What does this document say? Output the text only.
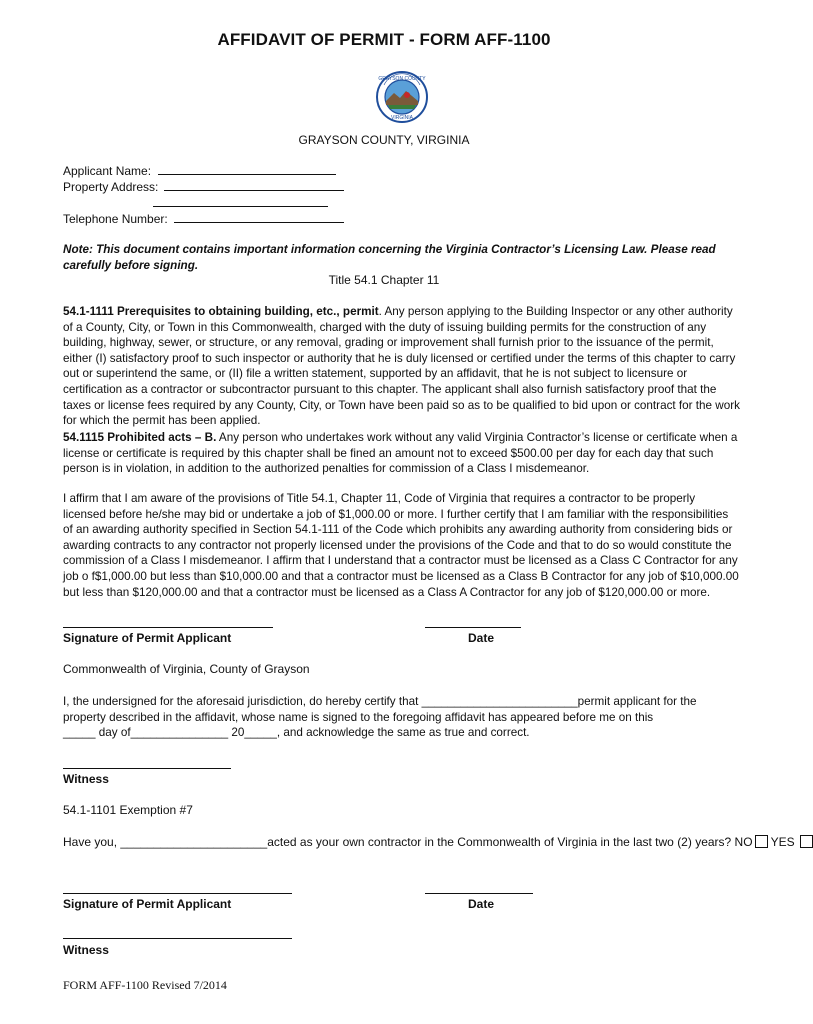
AFFIDAVIT OF PERMIT - FORM AFF-1100
GRAYSON COUNTY
VIRGINIA
GRAYSON COUNTY, VIRGINIA
Applicant Name:
Property Address:
Telephone Number:
Note: This document contains important information concerning the Virginia Contractor’s Licensing Law. Please read carefully before signing.
Title 54.1 Chapter 11
54.1-1111 Prerequisites to obtaining building, etc., permit. Any person applying to the Building Inspector or any other authority of a County, City, or Town in this Commonwealth, charged with the duty of issuing building permits for the construction of any building, highway, sewer, or structure, or any removal, grading or improvement shall furnish prior to the issuance of the permit, either (I) satisfactory proof to such inspector or authority that he is duly licensed or certified under the terms of this chapter to carry out or superintend the same, or (II) file a written statement, supported by an affidavit, that he is not subject to licensure or certification as a contractor or subcontractor pursuant to this chapter. The applicant shall also furnish satisfactory proof that the taxes or license fees required by any County, City, or Town have been paid so as to be qualified to bid upon or contract for the work for which the permit has been applied.
54.1115 Prohibited acts – B. Any person who undertakes work without any valid Virginia Contractor’s license or certificate when a license or certificate is required by this chapter shall be fined an amount not to exceed $500.00 per day for each day that such person is in violation, in addition to the authorized penalties for commission of a Class I misdemeanor.
I affirm that I am aware of the provisions of Title 54.1, Chapter 11, Code of Virginia that requires a contractor to be properly licensed before he/she may bid or undertake a job of $1,000.00 or more. I further certify that I am familiar with the responsibilities of an awarding authority specified in Section 54.1-111 of the Code which prohibits any awarding authority from considering bids or awarding contracts to any contractor not properly licensed under the provisions of the Code and that to do so would constitute the commission of a Class I misdemeanor. I affirm that I understand that a contractor must be licensed as a Class C Contractor for any job o f$1,000.00 but less than $10,000.00 and that a contractor must be licensed as a Class B Contractor for any job of $10,000.00 but less than $120,000.00 and that a contractor must be licensed as a Class A Contractor for any job of $120,000.00 or more.
Signature of Permit Applicant	Date
Commonwealth of Virginia, County of Grayson
I, the undersigned for the aforesaid jurisdiction, do hereby certify that ________________________permit applicant for the property described in the affidavit, whose name is signed to the foregoing affidavit has appeared before me on this
_____ day of_______________ 20_____, and acknowledge the same as true and correct.
Witness
54.1-1101 Exemption #7
Have you, ______________________acted as your own contractor in the Commonwealth of Virginia in the last two (2) years? NO YES
Signature of Permit Applicant	Date
Witness
FORM AFF-1100 Revised 7/2014
